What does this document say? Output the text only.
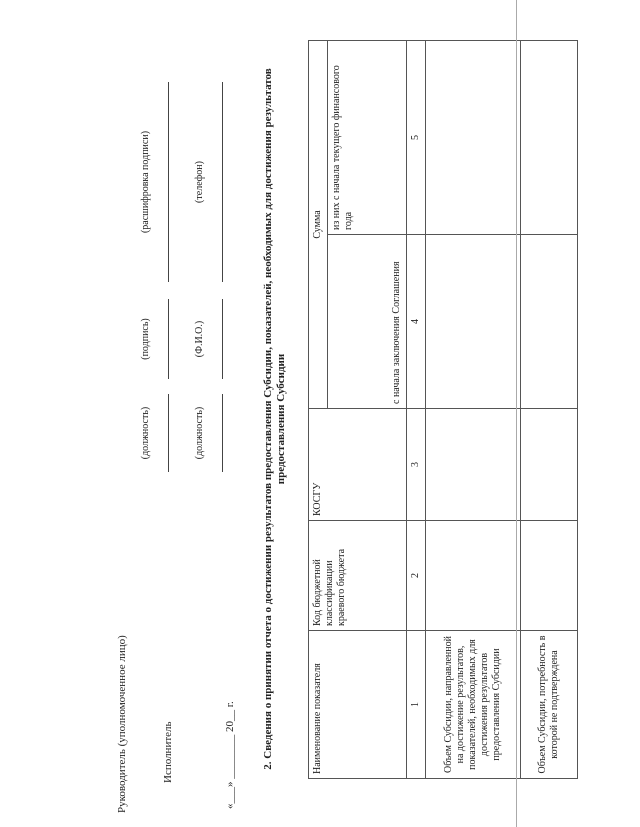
Руководитель (уполномоченное лицо)
(должность)
(подпись)
(расшифровка подписи)
Исполнитель
(должность)
(Ф.И.О.)
(телефон)
«___» ________ 20__ г. 2. Сведения о принятии отчета о достижении результатов предоставления Субсидии, показателей, необходимых для достижения результатов предоставления Субсидии
Наименование показателя	Код бюджетной классификации краевого бюджета	КОСГУ	Сумма	
			с начала заключения Соглашения	из них с начала текущего финансового года
1	2	3	4	5
Объем Субсидии, направленной на достижение результатов, показателей, необходимых для достижения результатов предоставления Субсидии				
Объем Субсидии, потребность в которой не подтверждена				
